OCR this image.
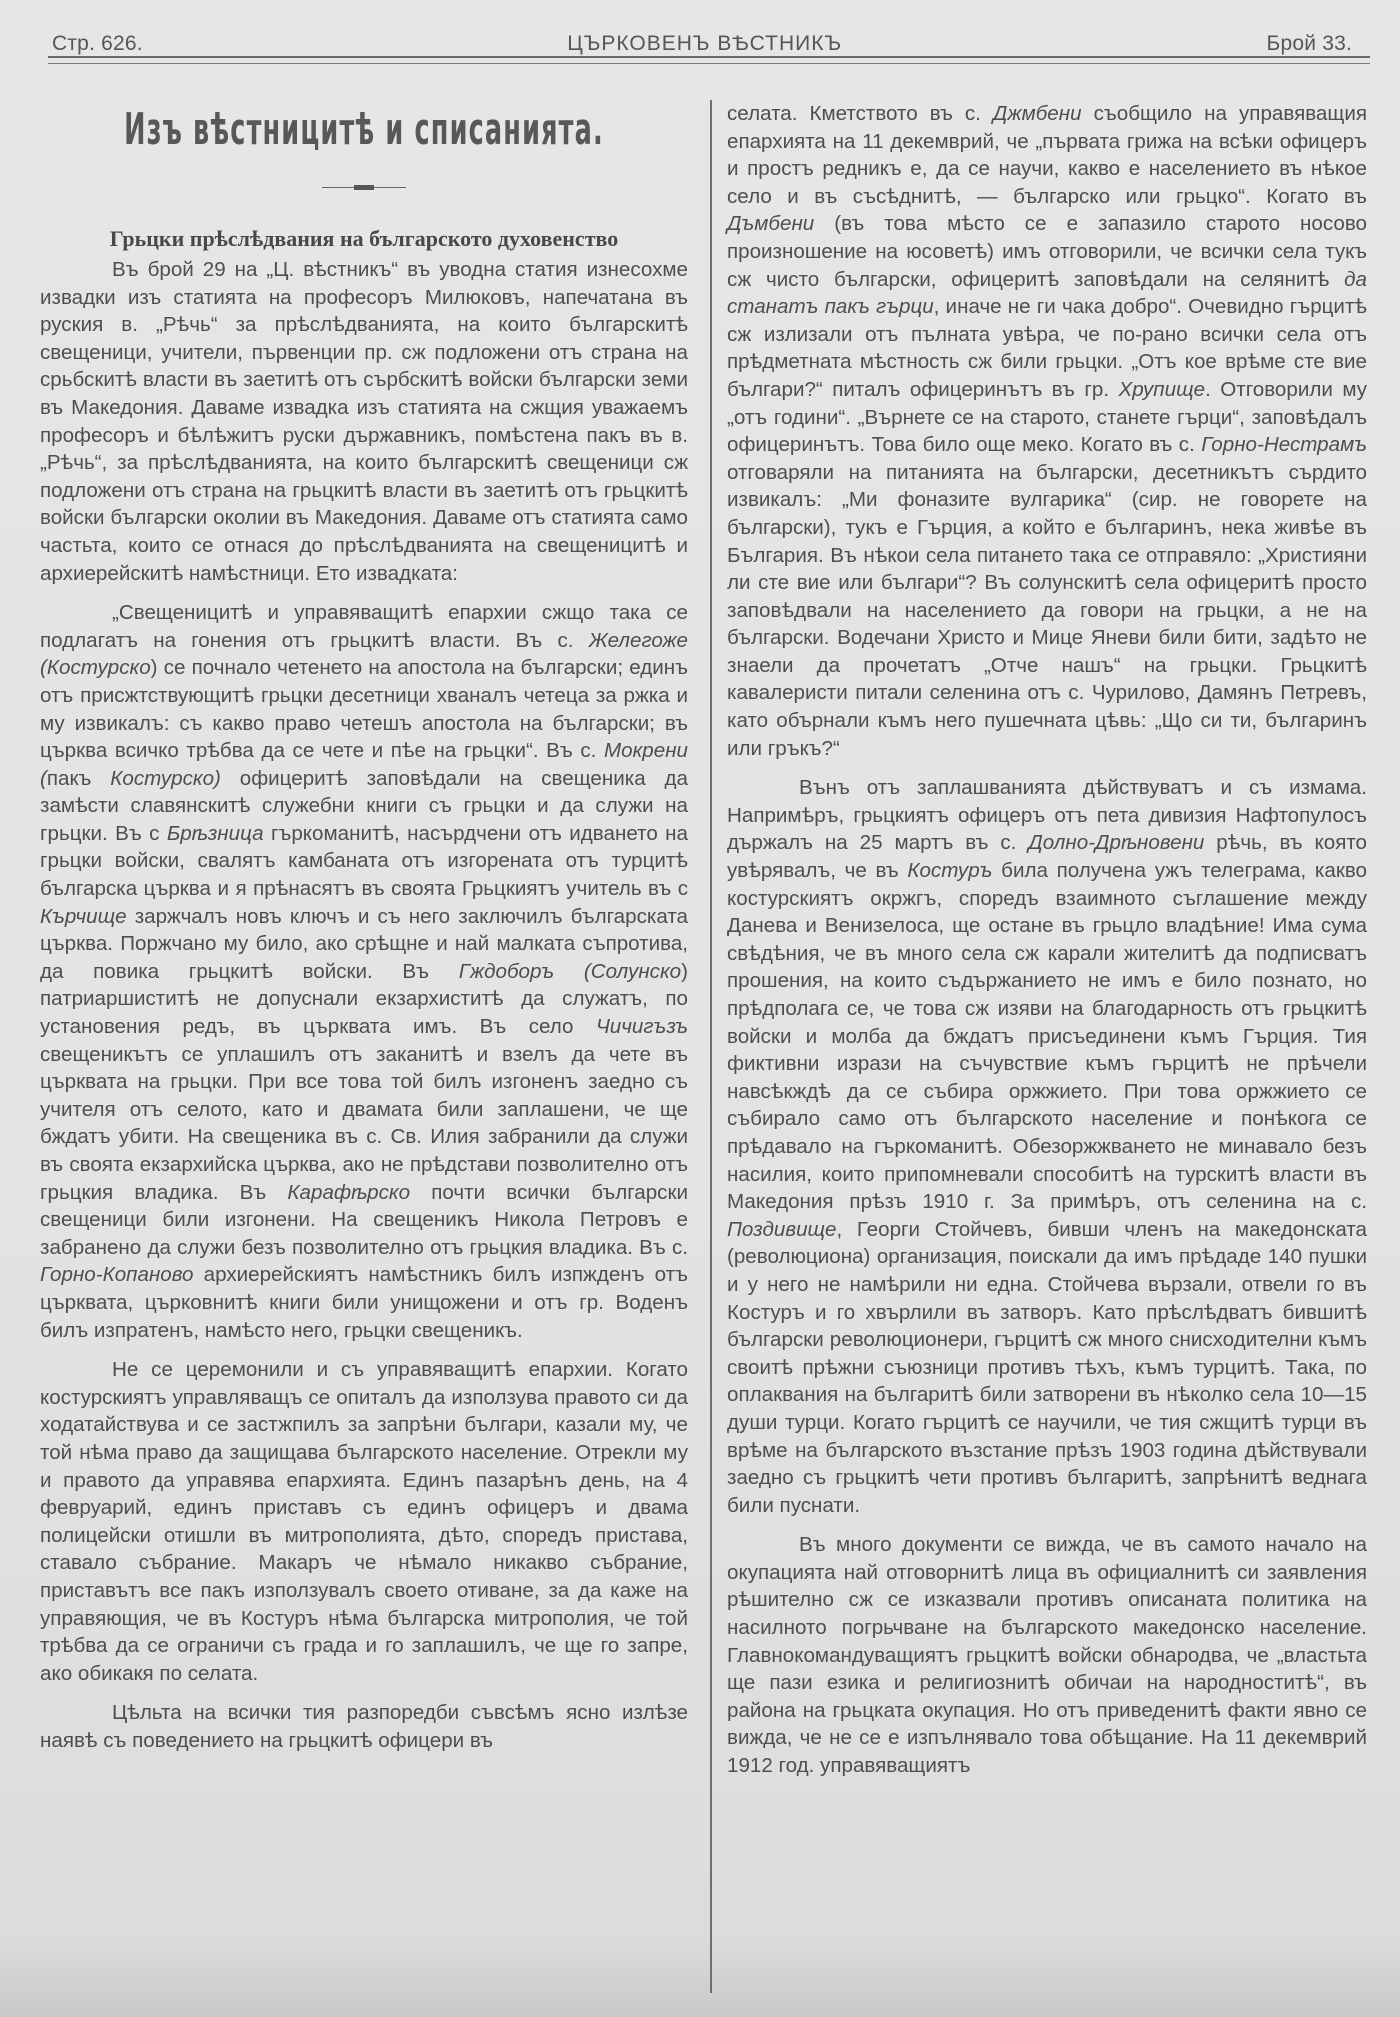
Стр. 626.	ЦЪРКОВЕНЪ ВѢСТНИКЪ	Брой 33.
Изъ вѣстницитѣ и списанията.
Грьцки прѣслѣдвания на българското духовенство

Въ брой 29 на „Ц. вѣстникъ“ въ уводна статия изнесохме извадки изъ статията на професоръ Милюковъ, напечатана въ руския в. „Рѣчь“ за прѣслѣдванията, на които българскитѣ свещеници, учители, първенции пр. сж подложени отъ страна на срьбскитѣ власти въ заетитѣ отъ сърбскитѣ войски български земи въ Македония. Даваме извадка изъ статията на сжщия уважаемъ професоръ и бѣлѣжитъ руски държавникъ, помѣстена пакъ въ в. „Рѣчь“, за прѣслѣдванията, на които българскитѣ свещеници сж подложени отъ страна на грьцкитѣ власти въ заетитѣ отъ грьцкитѣ войски български околии въ Македония. Даваме отъ статията само частьта, които се отнася до прѣслѣдванията на свещеницитѣ и архиерейскитѣ намѣстници. Ето извадката:

„Свещеницитѣ и управяващитѣ епархии сжщо така се подлагатъ на гонения отъ грьцкитѣ власти. Въ с. Желегоже (Костурско) се почнало четенето на апостола на български; единъ отъ присжтствующитѣ грьцки десетници хваналъ четеца за ржка и му извикалъ: съ какво право четешъ апостола на български; въ църква всичко трѣбва да се чете и пѣе на грьцки“. Въ с. Мокрени (пакъ Костурско) офицеритѣ заповѣдали на свещеника да замѣсти славянскитѣ служебни книги съ грьцки и да служи на грьцки. Въ с Брѣзница гъркоманитѣ, насърдчени отъ идването на грьцки войски, свалятъ камбаната отъ изгорената отъ турцитѣ българска църква и я прѣнасятъ въ своята Грьцкиятъ учитель въ с Кърчище заржчалъ новъ ключъ и съ него заключилъ българската църква. Поржчано му било, ако срѣщне и най малката съпротива, да повика грьцкитѣ войски. Въ Гждоборъ (Солунско) патриаршиститѣ не допуснали екзархиститѣ да служатъ, по установения редъ, въ църквата имъ. Въ село Чичигъзъ свещеникътъ се уплашилъ отъ заканитѣ и взелъ да чете въ църквата на грьцки. При все това той билъ изгоненъ заедно съ учителя отъ селото, като и двамата били заплашени, че ще бждатъ убити. На свещеника въ с. Св. Илия забранили да служи въ своята екзархийска църква, ако не прѣдстави позволително отъ грьцкия владика. Въ Карафѣрско почти всички български свещеници били изгонени. На свещеникъ Никола Петровъ е забранено да служи безъ позволително отъ грьцкия владика. Въ с. Горно-Копаново архиерейскиятъ намѣстникъ билъ изпжденъ отъ църквата, църковнитѣ книги били унищожени и отъ гр. Воденъ билъ изпратенъ, намѣсто него, грьцки свещеникъ.

Не се церемонили и съ управяващитѣ епархии. Когато костурскиятъ управляващъ се опиталъ да използува правото си да ходатайствува и се застжпилъ за запрѣни българи, казали му, че той нѣма право да защищава българското население. Отрекли му и правото да управява епархията. Единъ пазарѣнъ день, на 4 февруарий, единъ приставъ съ единъ офицеръ и двама полицейски отишли въ митрополията, дѣто, споредъ пристава, ставало събрание. Макаръ че нѣмало никакво събрание, приставътъ все пакъ използувалъ своето отиване, за да каже на управяющия, че въ Костуръ нѣма българска митрополия, че той трѣбва да се ограничи съ града и го заплашилъ, че ще го запре, ако обикакя по селата.

Цѣльта на всички тия разпоредби съвсѣмъ ясно излѣзе наявѣ съ поведението на грьцкитѣ офицери въ

селата. Кметството въ с. Джмбени съобщило на управяващия епархията на 11 декемврий, че „първата грижа на всѣки офицеръ и простъ редникъ е, да се научи, какво е населението въ нѣкое село и въ съсѣднитѣ, — българско или грьцко“. Когато въ Дъмбени (въ това мѣсто се е запазило старото носово произношение на юсоветѣ) имъ отговорили, че всички села тукъ сж чисто български, офицеритѣ заповѣдали на селянитѣ да станатъ пакъ гърци, иначе не ги чака добро“. Очевидно гърцитѣ сж излизали отъ пълната увѣра, че по-рано всички села отъ прѣдметната мѣстность сж били грьцки. „Отъ кое врѣме сте вие българи?“ питалъ офицеринътъ въ гр. Хрупище. Отговорили му „отъ години“. „Върнете се на старото, станете гърци“, заповѣдалъ офицеринътъ. Това било още меко. Когато въ с. Горно-Нестрамъ отговаряли на питанията на български, десетникътъ сърдито извикалъ: „Ми фоназите вулгарика“ (сир. не говорете на български), тукъ е Гърция, а който е българинъ, нека живѣе въ България. Въ нѣкои села питането така се отправяло: „Християни ли сте вие или българи“? Въ солунскитѣ села офицеритѣ просто заповѣдвали на населението да говори на грьцки, а не на български. Водечани Христо и Мице Яневи били бити, задѣто не знаели да прочетатъ „Отче нашъ“ на грьцки. Грьцкитѣ кавалеристи питали селенина отъ с. Чурилово, Дамянъ Петревъ, като обърнали къмъ него пушечната цѣвь: „Що си ти, българинъ или гръкъ?“

Вънъ отъ заплашванията дѣйствуватъ и съ измама. Напримѣръ, грьцкиятъ офицеръ отъ пета дивизия Нафтопулосъ държалъ на 25 мартъ въ с. Долно-Дрѣновени рѣчь, въ която увѣрявалъ, че въ Костуръ била получена ужъ телеграма, какво костурскиятъ окржгъ, споредъ взаимното съглашение между Данева и Венизелоса, ще остане въ грьцло владѣние! Има сума свѣдѣния, че въ много села сж карали жителитѣ да подписватъ прошения, на които съдържанието не имъ е било познато, но прѣдполага се, че това сж изяви на благодарность отъ грьцкитѣ войски и молба да бждатъ присъединени къмъ Гърция. Тия фиктивни изрази на съчувствие къмъ гърцитѣ не прѣчели навсѣкждѣ да се събира оржжието. При това оржжието се събирало само отъ българското население и понѣкога се прѣдавало на гъркоманитѣ. Обезоржжването не минавало безъ насилия, които припомневали способитѣ на турскитѣ власти въ Македония прѣзъ 1910 г. За примѣръ, отъ селенина на с. Поздивище, Георги Стойчевъ, бивши членъ на македонската (революциона) организация, поискали да имъ прѣдаде 140 пушки и у него не намѣрили ни една. Стойчева вързали, отвели го въ Костуръ и го хвърлили въ затворъ. Като прѣслѣдватъ бившитѣ български революционери, гърцитѣ сж много снисходителни къмъ своитѣ прѣжни съюзници противъ тѣхъ, къмъ турцитѣ. Така, по оплаквания на българитѣ били затворени въ нѣколко села 10—15 души турци. Когато гърцитѣ се научили, че тия сжщитѣ турци въ врѣме на българското възстание прѣзъ 1903 година дѣйствували заедно съ грьцкитѣ чети противъ българитѣ, запрѣнитѣ веднага били пуснати.

Въ много документи се вижда, че въ самото начало на окупацията най отговорнитѣ лица въ официалнитѣ си заявления рѣшително сж се изказвали противъ описаната политика на насилното погрьчване на българското македонско население. Главнокомандуващиятъ грьцкитѣ войски обнародва, че „властьта ще пази езика и религиознитѣ обичаи на народноститѣ“, въ района на грьцката окупация. Но отъ приведенитѣ факти явно се вижда, че не се е изпълнявало това обѣщание. На 11 декемврий 1912 год. управяващиятъ
